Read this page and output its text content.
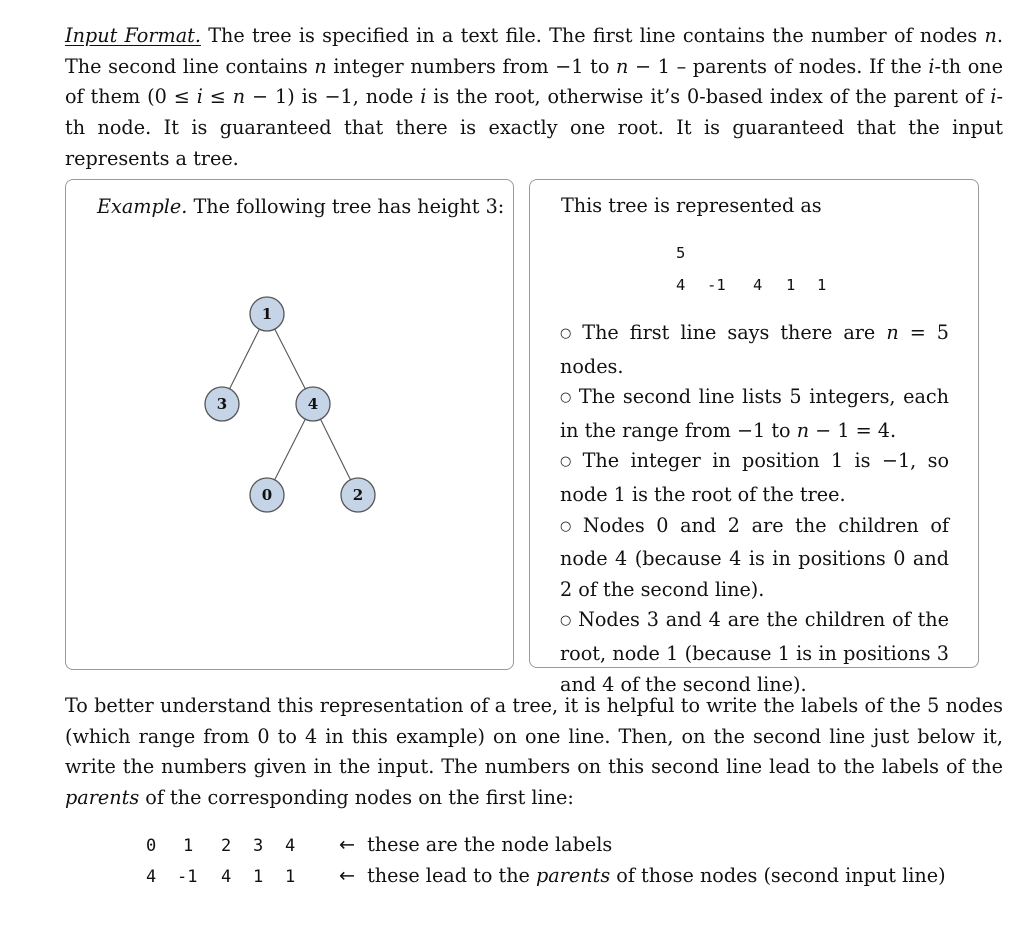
Input Format. The tree is specified in a text file. The first line contains the number of nodes n. The second line contains n integer numbers from −1 to n − 1 – parents of nodes. If the i-th one of them (0 ≤ i ≤ n − 1) is −1, node i is the root, otherwise it’s 0-based index of the parent of i-th node. It is guaranteed that there is exactly one root. It is guaranteed that the input represents a tree.
Example. The following tree has height 3:
1
3	4
0	2
This tree is represented as
5
4 -1 4 1 1

○ The first line says there are n = 5 nodes.

○ The second line lists 5 integers, each in the range from −1 to n − 1 = 4.

○ The integer in position 1 is −1, so node 1 is the root of the tree.

○ Nodes 0 and 2 are the children of node 4 (because 4 is in positions 0 and 2 of the second line).

○ Nodes 3 and 4 are the children of the root, node 1 (because 1 is in positions 3 and 4 of the second line).

To better understand this representation of a tree, it is helpful to write the labels of the 5 nodes (which range from 0 to 4 in this example) on one line. Then, on the second line just below it, write the numbers given in the input. The numbers on this second line lead to the labels of the parents of the corresponding nodes on the first line:
0 1 2 3 4
4 -1 4 1 1
← these are the node labels
← these lead to the parents of those nodes (second input line)
